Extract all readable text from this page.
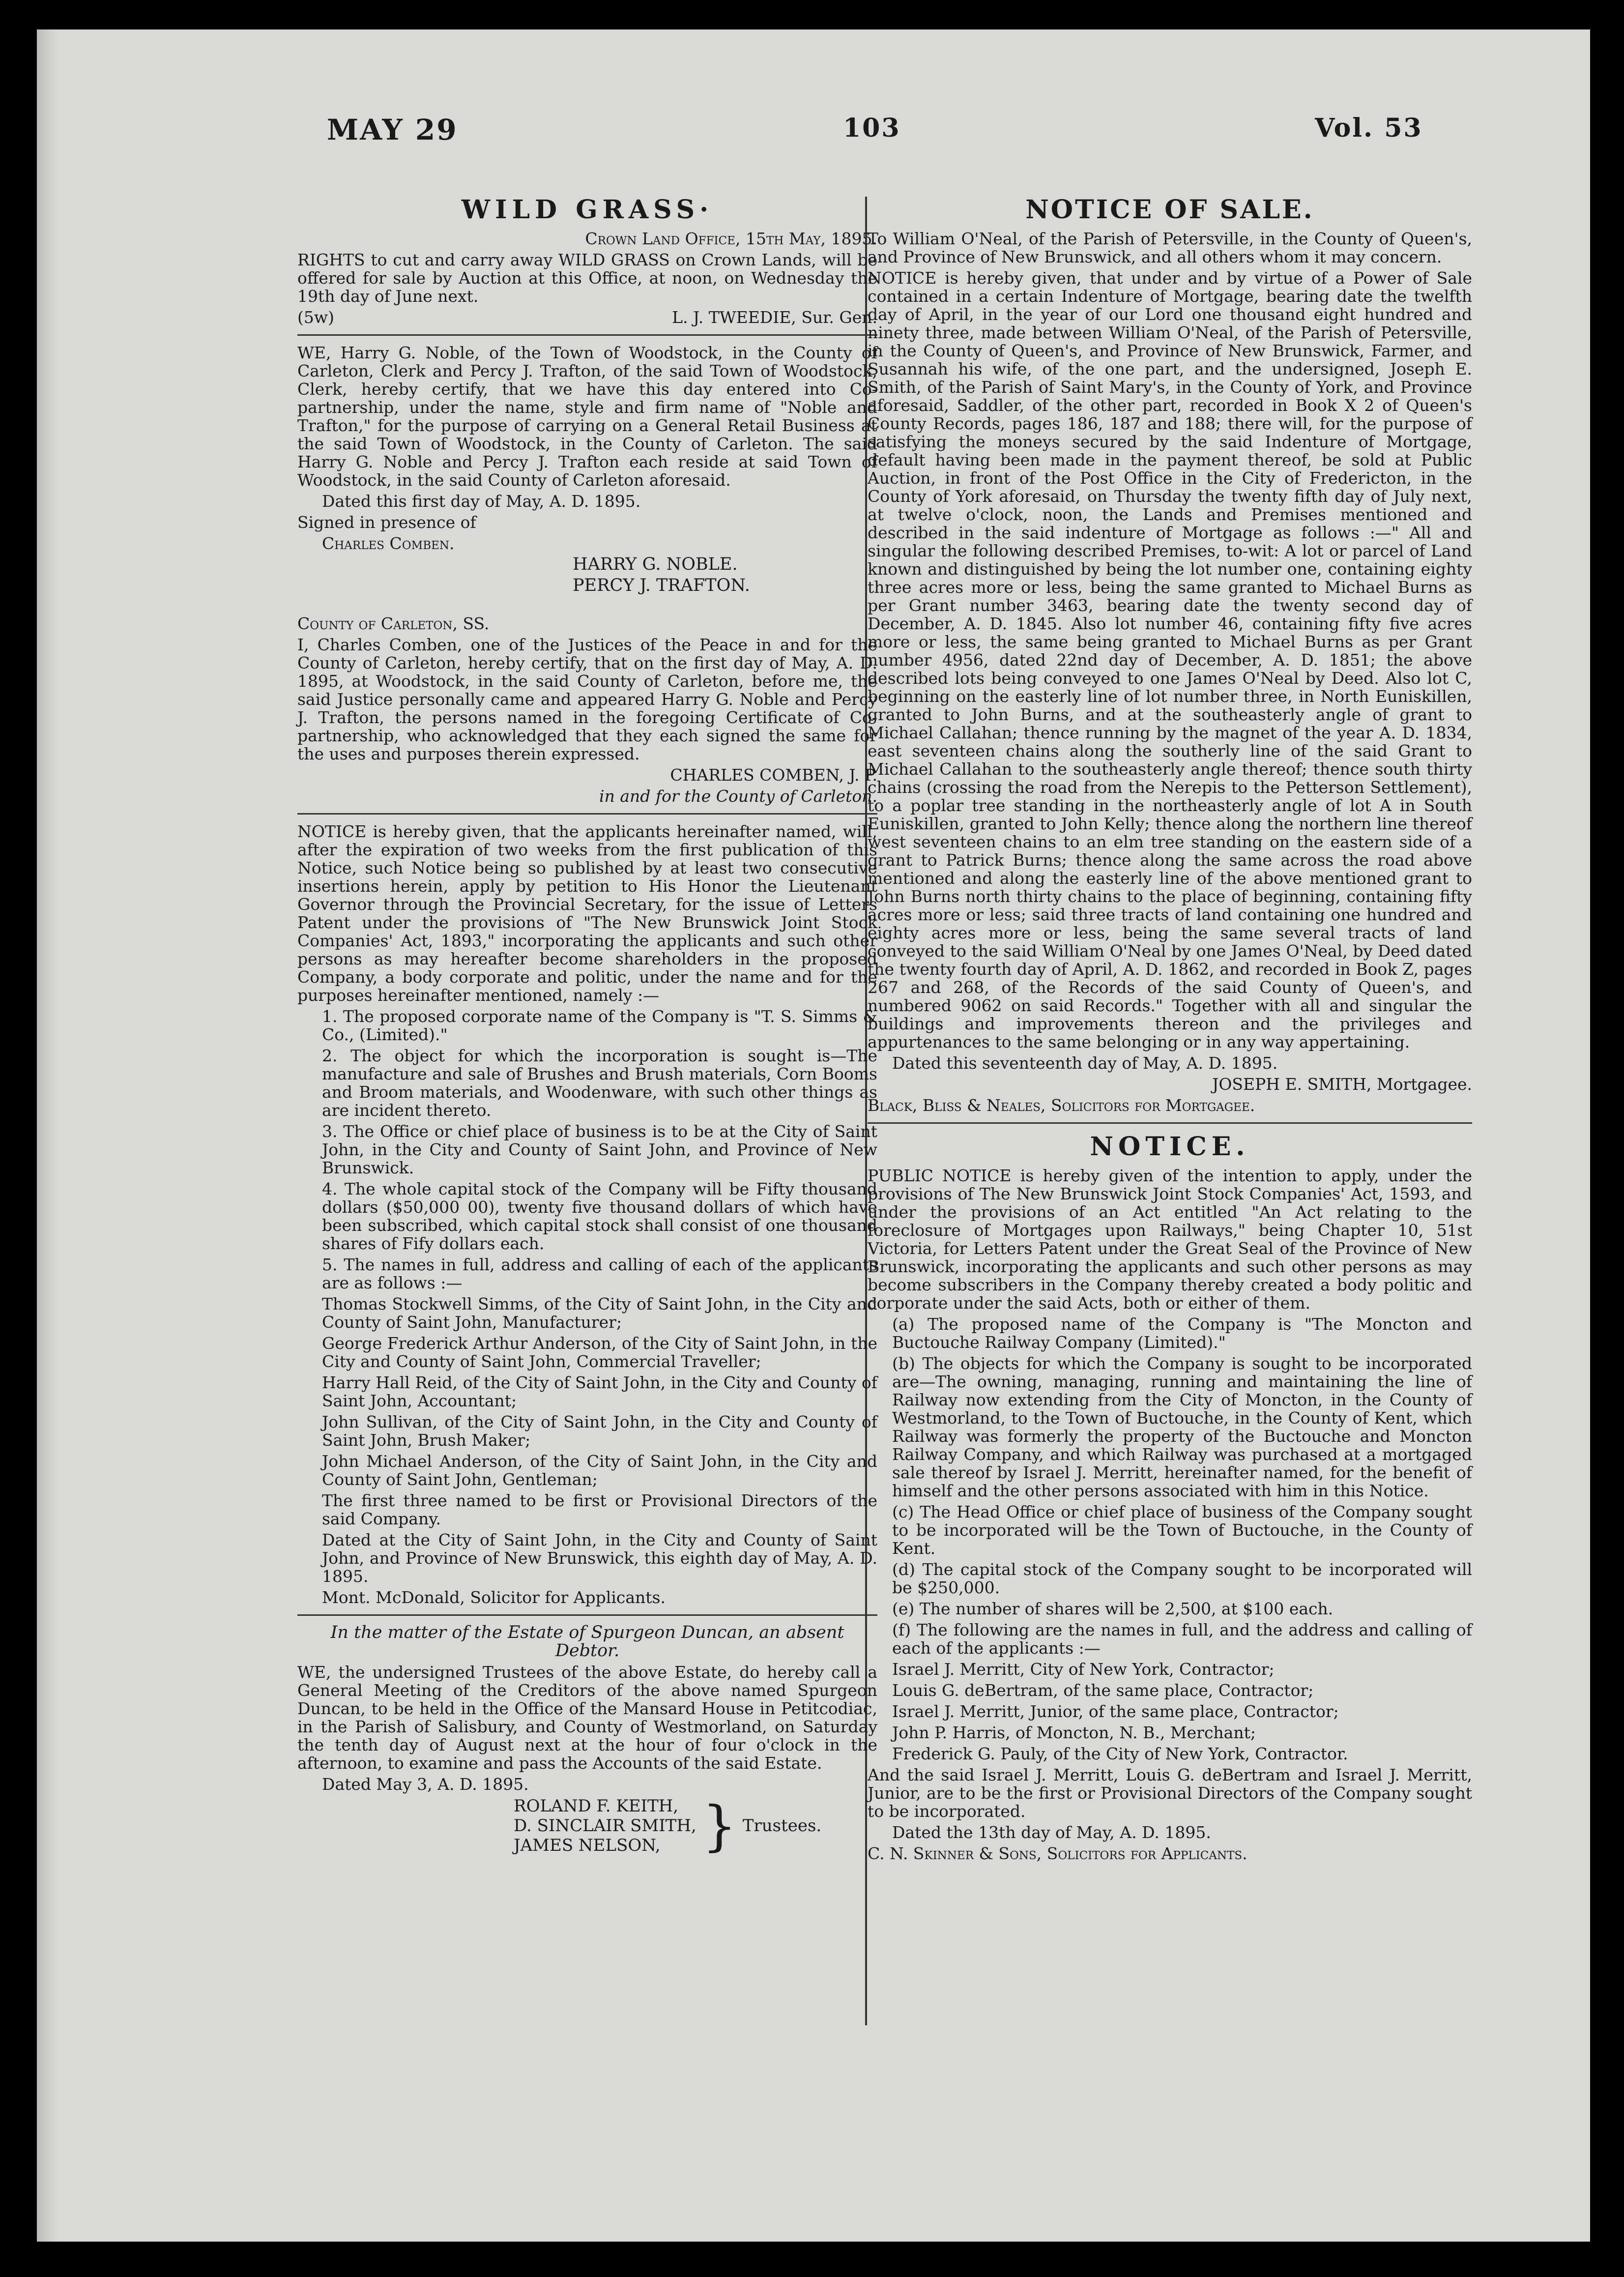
MAY 29	103	Vol. 53
WILD GRASS·

Crown Land Office, 15th May, 1895.

RIGHTS to cut and carry away WILD GRASS on Crown Lands, will be offered for sale by Auction at this Office, at noon, on Wednesday the 19th day of June next.

(5w)	L. J. TWEEDIE, Sur. Gen.

WE, Harry G. Noble, of the Town of Woodstock, in the County of Carleton, Clerk and Percy J. Trafton, of the said Town of Woodstock, Clerk, hereby certify, that we have this day entered into Co-partnership, under the name, style and firm name of "Noble and Trafton," for the purpose of carrying on a General Retail Business at the said Town of Woodstock, in the County of Carleton. The said Harry G. Noble and Percy J. Trafton each reside at said Town of Woodstock, in the said County of Carleton aforesaid.

Dated this first day of May, A. D. 1895.

Signed in presence of

Charles Comben.

HARRY G. NOBLE.

PERCY J. TRAFTON.

County of Carleton, SS.

I, Charles Comben, one of the Justices of the Peace in and for the County of Carleton, hereby certify, that on the first day of May, A. D. 1895, at Woodstock, in the said County of Carleton, before me, the said Justice personally came and appeared Harry G. Noble and Percy J. Trafton, the persons named in the foregoing Certificate of Co-partnership, who acknowledged that they each signed the same for the uses and purposes therein expressed.

CHARLES COMBEN, J. P.

in and for the County of Carleton.

NOTICE is hereby given, that the applicants hereinafter named, will, after the expiration of two weeks from the first publication of this Notice, such Notice being so published by at least two consecutive insertions herein, apply by petition to His Honor the Lieutenant Governor through the Provincial Secretary, for the issue of Letters Patent under the provisions of "The New Brunswick Joint Stock Companies' Act, 1893," incorporating the applicants and such other persons as may hereafter become shareholders in the proposed Company, a body corporate and politic, under the name and for the purposes hereinafter mentioned, namely :—

1. The proposed corporate name of the Company is "T. S. Simms & Co., (Limited)."

2. The object for which the incorporation is sought is—The manufacture and sale of Brushes and Brush materials, Corn Booms and Broom materials, and Woodenware, with such other things as are incident thereto.

3. The Office or chief place of business is to be at the City of Saint John, in the City and County of Saint John, and Province of New Brunswick.

4. The whole capital stock of the Company will be Fifty thousand dollars ($50,000 00), twenty five thousand dollars of which have been subscribed, which capital stock shall consist of one thousand shares of Fify dollars each.

5. The names in full, address and calling of each of the applicants are as follows :—

Thomas Stockwell Simms, of the City of Saint John, in the City and County of Saint John, Manufacturer;

George Frederick Arthur Anderson, of the City of Saint John, in the City and County of Saint John, Commercial Traveller;

Harry Hall Reid, of the City of Saint John, in the City and County of Saint John, Accountant;

John Sullivan, of the City of Saint John, in the City and County of Saint John, Brush Maker;

John Michael Anderson, of the City of Saint John, in the City and County of Saint John, Gentleman;

The first three named to be first or Provisional Directors of the said Company.

Dated at the City of Saint John, in the City and County of Saint John, and Province of New Brunswick, this eighth day of May, A. D. 1895.

Mont. McDonald, Solicitor for Applicants.

In the matter of the Estate of Spurgeon Duncan, an absent Debtor.

WE, the undersigned Trustees of the above Estate, do hereby call a General Meeting of the Creditors of the above named Spurgeon Duncan, to be held in the Office of the Mansard House in Petitcodiac, in the Parish of Salisbury, and County of Westmorland, on Saturday the tenth day of August next at the hour of four o'clock in the afternoon, to examine and pass the Accounts of the said Estate.

Dated May 3, A. D. 1895.

ROLAND F. KEITH,
D. SINCLAIR SMITH,
JAMES NELSON, } Trustees.
NOTICE OF SALE.

To William O'Neal, of the Parish of Petersville, in the County of Queen's, and Province of New Brunswick, and all others whom it may concern.

NOTICE is hereby given, that under and by virtue of a Power of Sale contained in a certain Indenture of Mortgage, bearing date the twelfth day of April, in the year of our Lord one thousand eight hundred and ninety three, made between William O'Neal, of the Parish of Petersville, in the County of Queen's, and Province of New Brunswick, Farmer, and Susannah his wife, of the one part, and the undersigned, Joseph E. Smith, of the Parish of Saint Mary's, in the County of York, and Province aforesaid, Saddler, of the other part, recorded in Book X 2 of Queen's County Records, pages 186, 187 and 188; there will, for the purpose of satisfying the moneys secured by the said Indenture of Mortgage, default having been made in the payment thereof, be sold at Public Auction, in front of the Post Office in the City of Fredericton, in the County of York aforesaid, on Thursday the twenty fifth day of July next, at twelve o'clock, noon, the Lands and Premises mentioned and described in the said indenture of Mortgage as follows :—" All and singular the following described Premises, to-wit: A lot or parcel of Land known and distinguished by being the lot number one, containing eighty three acres more or less, being the same granted to Michael Burns as per Grant number 3463, bearing date the twenty second day of December, A. D. 1845. Also lot number 46, containing fifty five acres more or less, the same being granted to Michael Burns as per Grant number 4956, dated 22nd day of December, A. D. 1851; the above described lots being conveyed to one James O'Neal by Deed. Also lot C, beginning on the easterly line of lot number three, in North Euniskillen, granted to John Burns, and at the southeasterly angle of grant to Michael Callahan; thence running by the magnet of the year A. D. 1834, east seventeen chains along the southerly line of the said Grant to Michael Callahan to the southeasterly angle thereof; thence south thirty chains (crossing the road from the Nerepis to the Petterson Settlement), to a poplar tree standing in the northeasterly angle of lot A in South Euniskillen, granted to John Kelly; thence along the northern line thereof west seventeen chains to an elm tree standing on the eastern side of a grant to Patrick Burns; thence along the same across the road above mentioned and along the easterly line of the above mentioned grant to John Burns north thirty chains to the place of beginning, containing fifty acres more or less; said three tracts of land containing one hundred and eighty acres more or less, being the same several tracts of land conveyed to the said William O'Neal by one James O'Neal, by Deed dated the twenty fourth day of April, A. D. 1862, and recorded in Book Z, pages 267 and 268, of the Records of the said County of Queen's, and numbered 9062 on said Records." Together with all and singular the buildings and improvements thereon and the privileges and appurtenances to the same belonging or in any way appertaining.

Dated this seventeenth day of May, A. D. 1895.

JOSEPH E. SMITH, Mortgagee.

Black, Bliss & Neales, Solicitors for Mortgagee.

NOTICE.

PUBLIC NOTICE is hereby given of the intention to apply, under the provisions of The New Brunswick Joint Stock Companies' Act, 1593, and under the provisions of an Act entitled "An Act relating to the foreclosure of Mortgages upon Railways," being Chapter 10, 51st Victoria, for Letters Patent under the Great Seal of the Province of New Brunswick, incorporating the applicants and such other persons as may become subscribers in the Company thereby created a body politic and corporate under the said Acts, both or either of them.

(a) The proposed name of the Company is "The Moncton and Buctouche Railway Company (Limited)."

(b) The objects for which the Company is sought to be incorporated are—The owning, managing, running and maintaining the line of Railway now extending from the City of Moncton, in the County of Westmorland, to the Town of Buctouche, in the County of Kent, which Railway was formerly the property of the Buctouche and Moncton Railway Company, and which Railway was purchased at a mortgaged sale thereof by Israel J. Merritt, hereinafter named, for the benefit of himself and the other persons associated with him in this Notice.

(c) The Head Office or chief place of business of the Company sought to be incorporated will be the Town of Buctouche, in the County of Kent.

(d) The capital stock of the Company sought to be incorporated will be $250,000.

(e) The number of shares will be 2,500, at $100 each.

(f) The following are the names in full, and the address and calling of each of the applicants :—

Israel J. Merritt, City of New York, Contractor;

Louis G. deBertram, of the same place, Contractor;

Israel J. Merritt, Junior, of the same place, Contractor;

John P. Harris, of Moncton, N. B., Merchant;

Frederick G. Pauly, of the City of New York, Contractor.

And the said Israel J. Merritt, Louis G. deBertram and Israel J. Merritt, Junior, are to be the first or Provisional Directors of the Company sought to be incorporated.

Dated the 13th day of May, A. D. 1895.

C. N. Skinner & Sons, Solicitors for Applicants.
